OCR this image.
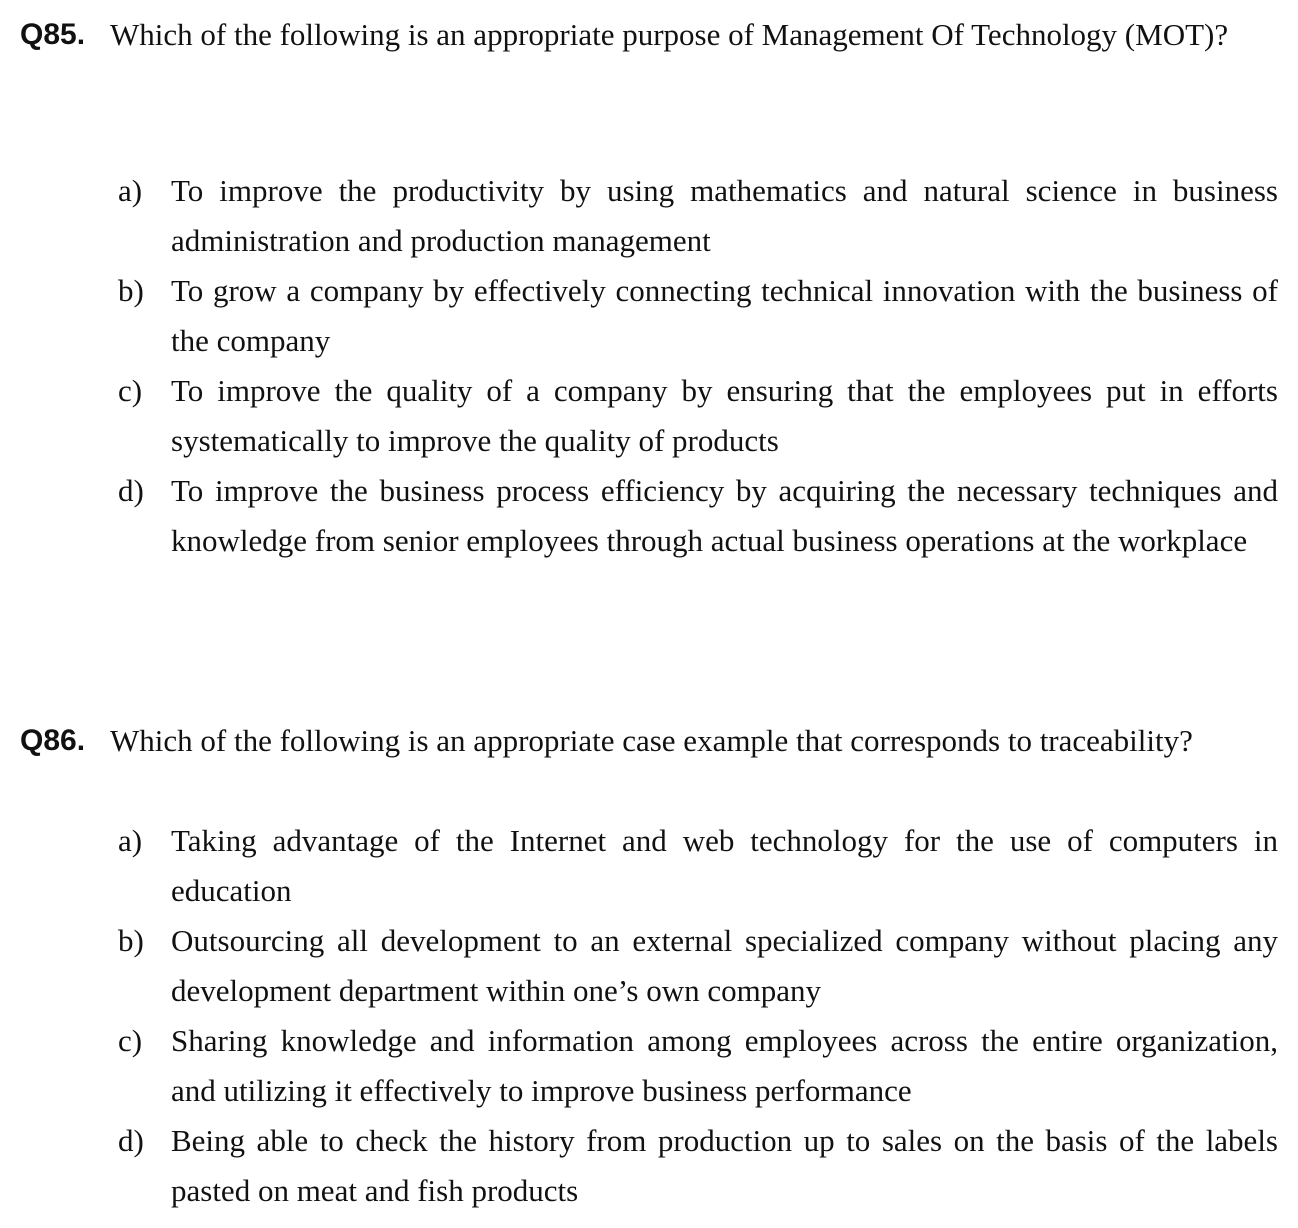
Q85. Which of the following is an appropriate purpose of Management Of Technology (MOT)?
a) To improve the productivity by using mathematics and natural science in business administration and production management
b) To grow a company by effectively connecting technical innovation with the business of the company
c) To improve the quality of a company by ensuring that the employees put in efforts systematically to improve the quality of products
d) To improve the business process efficiency by acquiring the necessary techniques and knowledge from senior employees through actual business operations at the workplace
Q86. Which of the following is an appropriate case example that corresponds to traceability?
a) Taking advantage of the Internet and web technology for the use of computers in education
b) Outsourcing all development to an external specialized company without placing any development department within one’s own company
c) Sharing knowledge and information among employees across the entire organization, and utilizing it effectively to improve business performance
d) Being able to check the history from production up to sales on the basis of the labels pasted on meat and fish products
